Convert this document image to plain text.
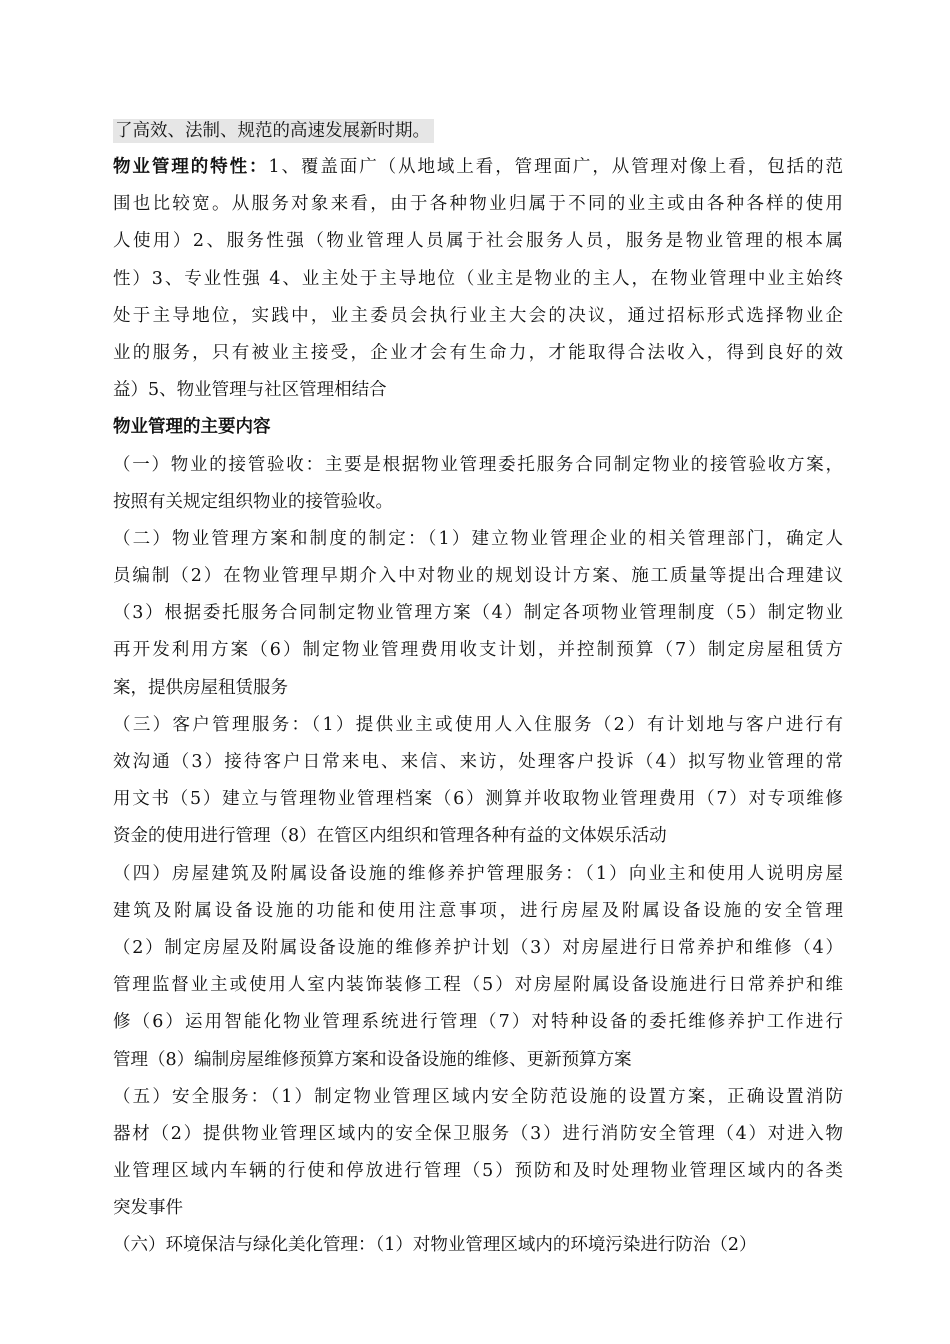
了高效、法制、规范的高速发展新时期。
物业管理的特性：1、覆盖面广（从地域上看，管理面广，从管理对像上看，包括的范
围也比较宽。从服务对象来看，由于各种物业归属于不同的业主或由各种各样的使用
人使用）2、服务性强（物业管理人员属于社会服务人员，服务是物业管理的根本属
性）3、专业性强 4、业主处于主导地位（业主是物业的主人，在物业管理中业主始终
处于主导地位，实践中，业主委员会执行业主大会的决议，通过招标形式选择物业企
业的服务，只有被业主接受，企业才会有生命力，才能取得合法收入，得到良好的效
益）5、物业管理与社区管理相结合
物业管理的主要内容
（一）物业的接管验收：主要是根据物业管理委托服务合同制定物业的接管验收方案，
按照有关规定组织物业的接管验收。
（二）物业管理方案和制度的制定：（1）建立物业管理企业的相关管理部门，确定人
员编制（2）在物业管理早期介入中对物业的规划设计方案、施工质量等提出合理建议
（3）根据委托服务合同制定物业管理方案（4）制定各项物业管理制度（5）制定物业
再开发利用方案（6）制定物业管理费用收支计划，并控制预算（7）制定房屋租赁方
案，提供房屋租赁服务
（三）客户管理服务：（1）提供业主或使用人入住服务（2）有计划地与客户进行有
效沟通（3）接待客户日常来电、来信、来访，处理客户投诉（4）拟写物业管理的常
用文书（5）建立与管理物业管理档案（6）测算并收取物业管理费用（7）对专项维修
资金的使用进行管理（8）在管区内组织和管理各种有益的文体娱乐活动
（四）房屋建筑及附属设备设施的维修养护管理服务：（1）向业主和使用人说明房屋
建筑及附属设备设施的功能和使用注意事项，进行房屋及附属设备设施的安全管理
（2）制定房屋及附属设备设施的维修养护计划（3）对房屋进行日常养护和维修（4）
管理监督业主或使用人室内装饰装修工程（5）对房屋附属设备设施进行日常养护和维
修（6）运用智能化物业管理系统进行管理（7）对特种设备的委托维修养护工作进行
管理（8）编制房屋维修预算方案和设备设施的维修、更新预算方案
（五）安全服务：（1）制定物业管理区域内安全防范设施的设置方案，正确设置消防
器材（2）提供物业管理区域内的安全保卫服务（3）进行消防安全管理（4）对进入物
业管理区域内车辆的行使和停放进行管理（5）预防和及时处理物业管理区域内的各类
突发事件
（六）环境保洁与绿化美化管理：（1）对物业管理区域内的环境污染进行防治（2）
